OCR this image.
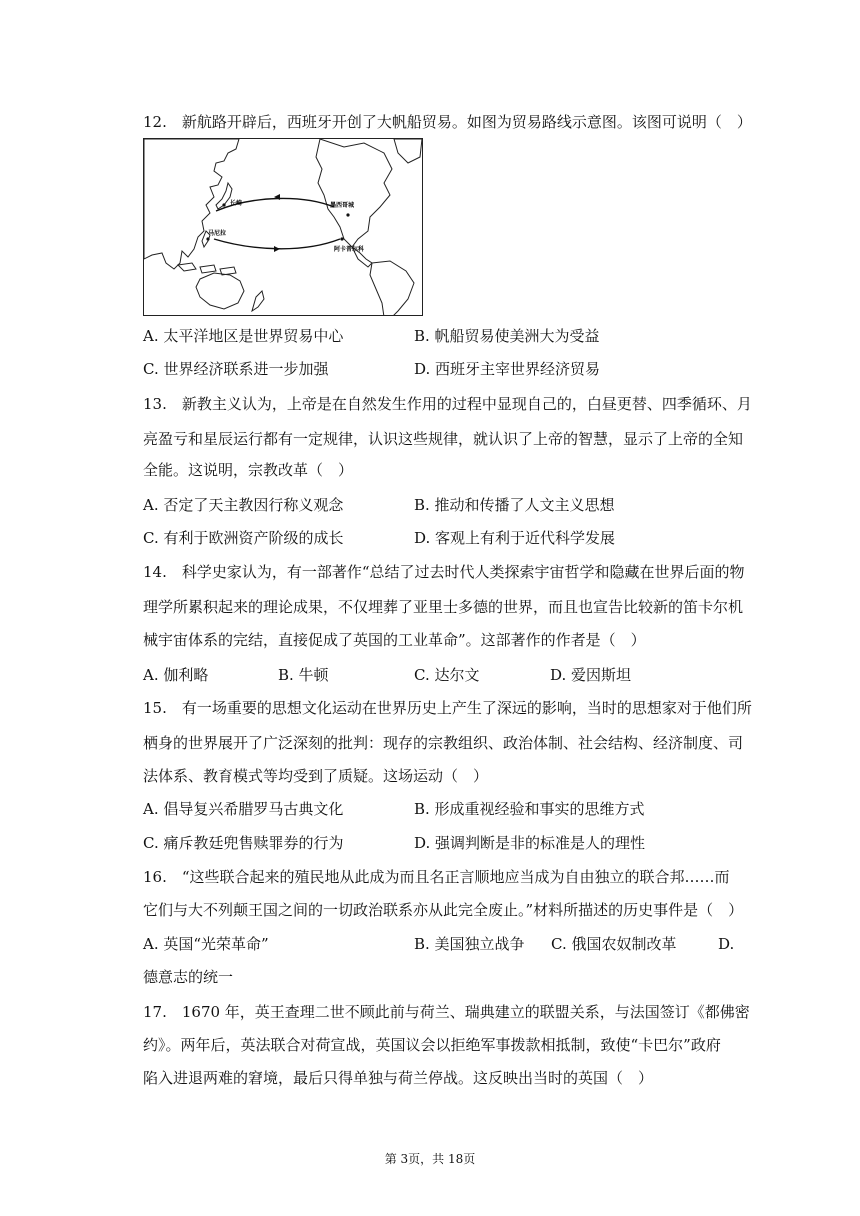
12.　新航路开辟后，西班牙开创了大帆船贸易。如图为贸易路线示意图。该图可说明（　）
长崎
马尼拉
墨西哥城
阿卡普尔科
A. 太平洋地区是世界贸易中心	B. 帆船贸易使美洲大为受益
C. 世界经济联系进一步加强	D. 西班牙主宰世界经济贸易
13.　新教主义认为，上帝是在自然发生作用的过程中显现自己的，白昼更替、四季循环、月
亮盈亏和星辰运行都有一定规律，认识这些规律，就认识了上帝的智慧，显示了上帝的全知
全能。这说明，宗教改革（　）
A. 否定了天主教因行称义观念	B. 推动和传播了人文主义思想
C. 有利于欧洲资产阶级的成长	D. 客观上有利于近代科学发展
14.　科学史家认为，有一部著作“总结了过去时代人类探索宇宙哲学和隐藏在世界后面的物
理学所累积起来的理论成果，不仅埋葬了亚里士多德的世界，而且也宣告比较新的笛卡尔机
械宇宙体系的完结，直接促成了英国的工业革命”。这部著作的作者是（　）
A. 伽利略	B. 牛顿	C. 达尔文	D. 爱因斯坦
15.　有一场重要的思想文化运动在世界历史上产生了深远的影响，当时的思想家对于他们所
栖身的世界展开了广泛深刻的批判：现存的宗教组织、政治体制、社会结构、经济制度、司
法体系、教育模式等均受到了质疑。这场运动（　）
A. 倡导复兴希腊罗马古典文化	B. 形成重视经验和事实的思维方式
C. 痛斥教廷兜售赎罪券的行为	D. 强调判断是非的标准是人的理性
16.　“这些联合起来的殖民地从此成为而且名正言顺地应当成为自由独立的联合邦……而
它们与大不列颠王国之间的一切政治联系亦从此完全废止。”材料所描述的历史事件是（　）
A. 英国“光荣革命”	B. 美国独立战争 C. 俄国农奴制改革	D.
德意志的统一
17.　1670 年，英王查理二世不顾此前与荷兰、瑞典建立的联盟关系，与法国签订《都佛密
约》。两年后，英法联合对荷宣战，英国议会以拒绝军事拨款相抵制，致使“卡巴尔”政府
陷入进退两难的窘境，最后只得单独与荷兰停战。这反映出当时的英国（　）
第 3页，共 18页
